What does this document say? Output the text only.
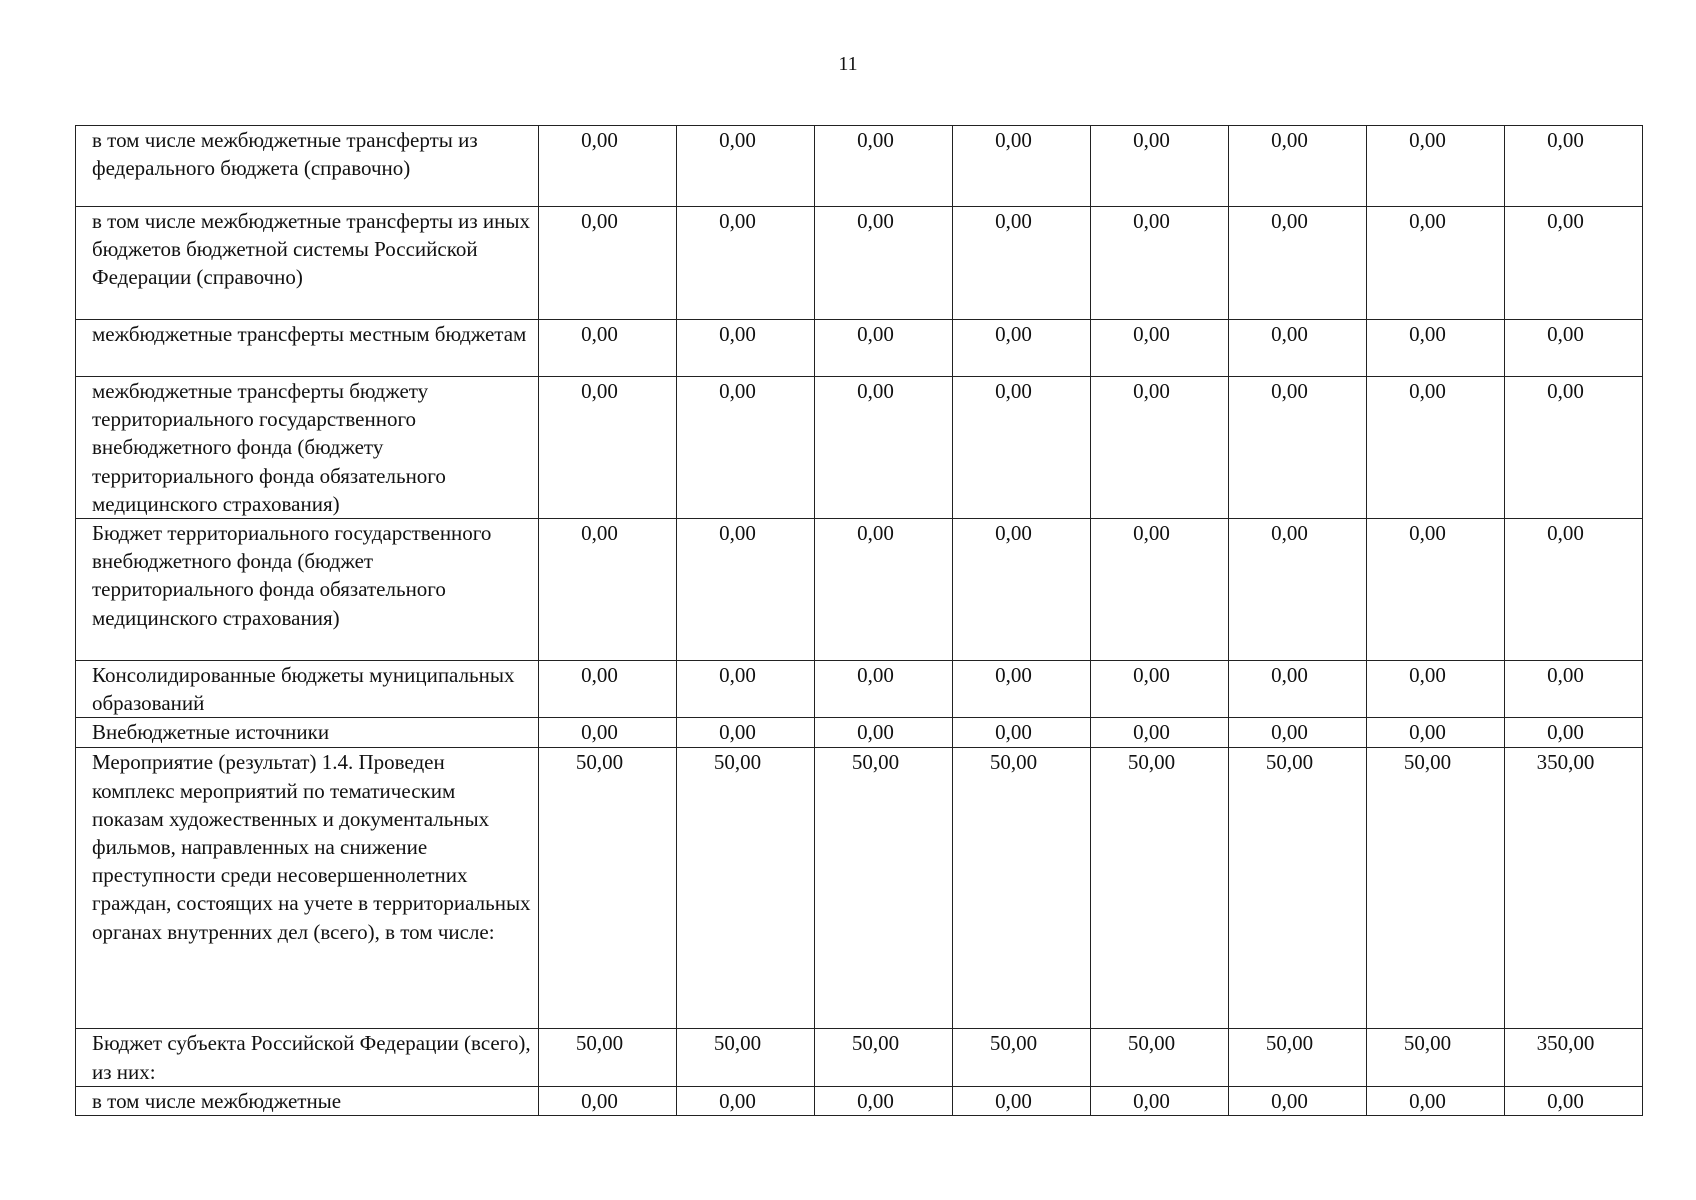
11
в том числе межбюджетные трансферты из федерального бюджета (справочно)	0,00	0,00	0,00	0,00	0,00	0,00	0,00	0,00
в том числе межбюджетные трансферты из иных бюджетов бюджетной системы Российской Федерации (справочно)	0,00	0,00	0,00	0,00	0,00	0,00	0,00	0,00
межбюджетные трансферты местным бюджетам	0,00	0,00	0,00	0,00	0,00	0,00	0,00	0,00
межбюджетные трансферты бюджету территориального государственного внебюджетного фонда (бюджету территориального фонда обязательного медицинского страхования)	0,00	0,00	0,00	0,00	0,00	0,00	0,00	0,00
Бюджет территориального государственного внебюджетного фонда (бюджет территориального фонда обязательного медицинского страхования)	0,00	0,00	0,00	0,00	0,00	0,00	0,00	0,00
Консолидированные бюджеты муниципальных образований	0,00	0,00	0,00	0,00	0,00	0,00	0,00	0,00
Внебюджетные источники	0,00	0,00	0,00	0,00	0,00	0,00	0,00	0,00
Мероприятие (результат) 1.4. Проведен комплекс мероприятий по тематическим показам художественных и документальных фильмов, направленных на снижение преступности среди несовершеннолетних граждан, состоящих на учете в территориальных органах внутренних дел (всего), в том числе:	50,00	50,00	50,00	50,00	50,00	50,00	50,00	350,00
Бюджет субъекта Российской Федерации (всего), из них:	50,00	50,00	50,00	50,00	50,00	50,00	50,00	350,00
в том числе межбюджетные	0,00	0,00	0,00	0,00	0,00	0,00	0,00	0,00
